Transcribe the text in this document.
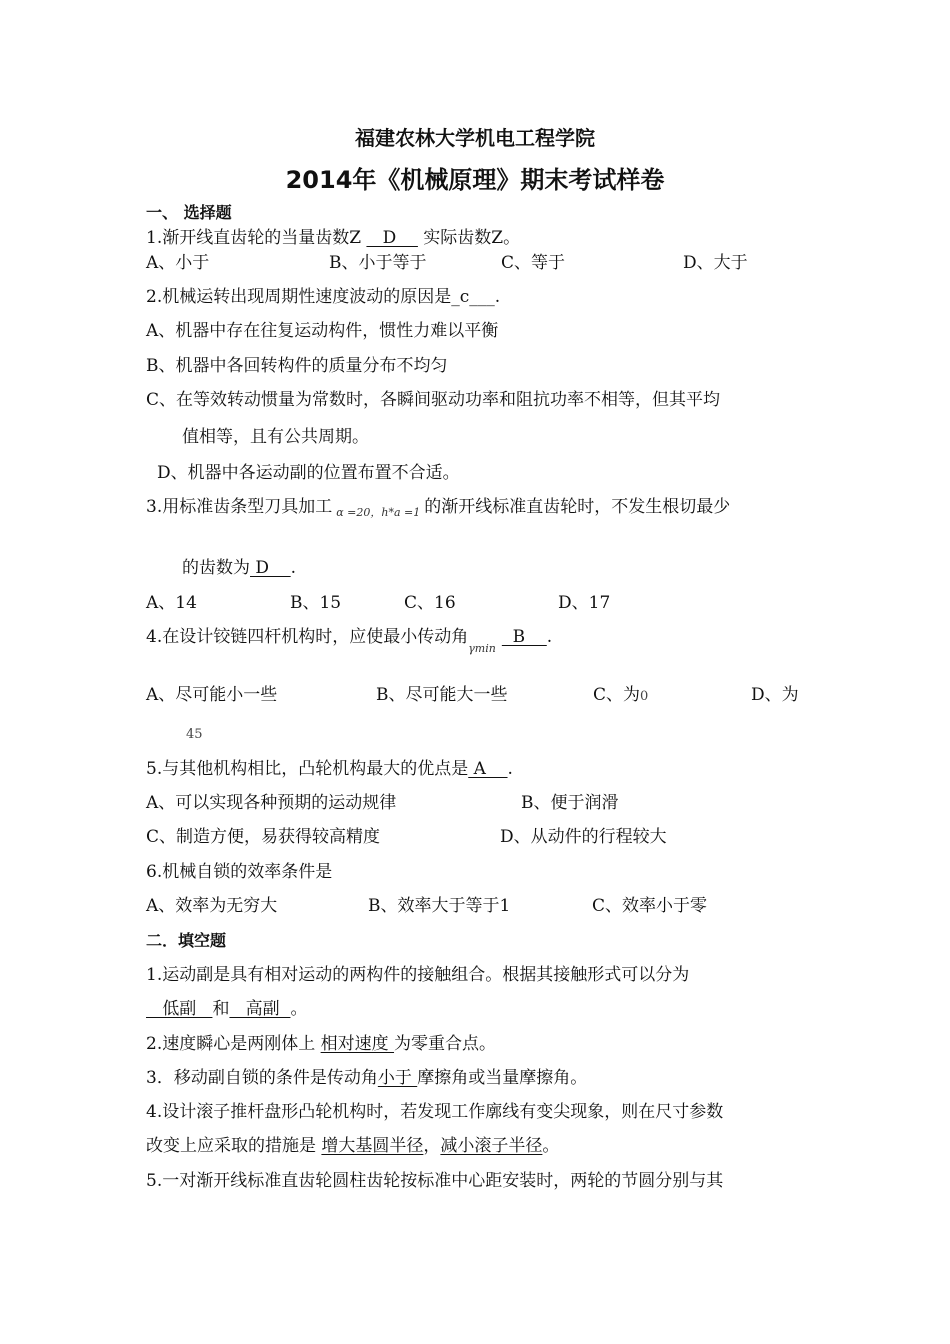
福建农林大学机电工程学院
2014年《机械原理》期末考试样卷
一、 选择题
1.渐开线直齿轮的当量齿数Z    D     实际齿数Z。
A、小于	B、小于等于	C、等于	D、大于
2.机械运转出现周期性速度波动的原因是_c___.
A、机器中存在往复运动构件，惯性力难以平衡
B、机器中各回转构件的质量分布不均匀
C、在等效转动惯量为常数时，各瞬间驱动功率和阻抗功率不相等，但其平均
值相等，且有公共周期。
D、机器中各运动副的位置布置不合适。
3.用标准齿条型刀具加工 $_{\alpha =20,h*a =1}$ 的渐开线标准直齿轮时，不发生根切最少
的齿数为 D    .
A、14	B、15	C、16	D、17
4.在设计铰链四杆机构时，应使最小传动角$_{\gamma min}$  B    .
A、尽可能小一些	B、尽可能大一些	C、为0	D、为
45
5.与其他机构相比，凸轮机构最大的优点是 A    .
A、可以实现各种预期的运动规律	B、便于润滑
C、制造方便，易获得较高精度	D、从动件的行程较大
6.机械自锁的效率条件是
A、效率为无穷大	B、效率大于等于1	C、效率小于零
二．填空题
1.运动副是具有相对运动的两构件的接触组合。根据其接触形式可以分为
低副   和   高副  。
2.速度瞬心是两刚体上 相对速度 为零重合点。
3．移动副自锁的条件是传动角小于 摩擦角或当量摩擦角。
4.设计滚子推杆盘形凸轮机构时，若发现工作廓线有变尖现象，则在尺寸参数
改变上应采取的措施是 增大基圆半径，减小滚子半径。
5.一对渐开线标准直齿轮圆柱齿轮按标准中心距安装时，两轮的节圆分别与其
